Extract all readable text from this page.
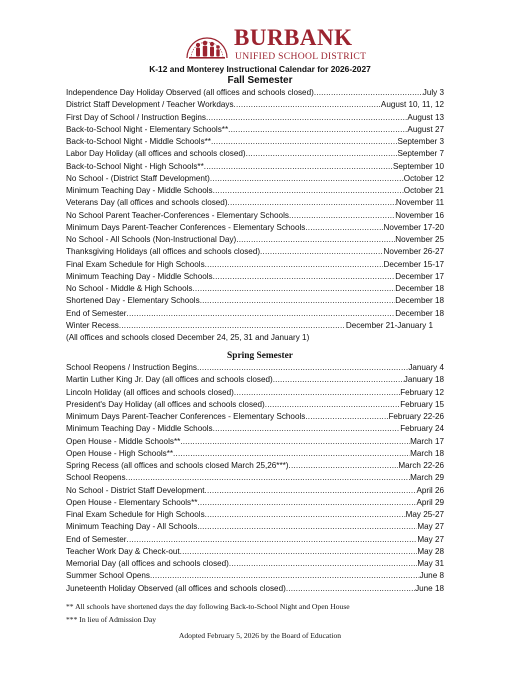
BURBANK
UNIFIED SCHOOL DISTRICT
K-12 and Monterey Instructional Calendar for 2026-2027
Fall Semester
Independence Day Holiday Observed (all offices and schools closed) .....	July 3
District Staff Development / Teacher Workdays .....	August 10, 11, 12
First Day of School / Instruction Begins .....	August 13
Back-to-School Night - Elementary Schools** .....	August 27
Back-to-School Night - Middle Schools** .....	September 3
Labor Day Holiday (all offices and schools closed) .....	September 7
Back-to-School Night - High Schools** .....	September 10
No School - (District Staff Development) .....	October 12
Minimum Teaching Day - Middle Schools .....	October 21
Veterans Day (all offices and schools closed) .....	November 11
No School Parent Teacher-Conferences - Elementary Schools .....	November 16
Minimum Days Parent-Teacher Conferences - Elementary Schools .....	November 17-20
No School - All Schools (Non-Instructional Day) .....	November 25
Thanksgiving Holidays (all offices and schools closed) .....	November 26-27
Final Exam Schedule for High Schools .....	December 15-17
Minimum Teaching Day - Middle Schools .....	December 17
No School - Middle & High Schools .....	December 18
Shortened Day - Elementary Schools .....	December 18
End of Semester .....	December 18
Winter Recess .....	December 21-January 1
(All offices and schools closed December 24, 25, 31 and January 1)
Spring Semester
School Reopens / Instruction Begins .....	January 4
Martin Luther King Jr. Day (all offices and schools closed) .....	January 18
Lincoln Holiday (all offices and schools closed) .....	February 12
President's Day Holiday (all offices and schools closed) .....	February 15
Minimum Days Parent-Teacher Conferences - Elementary Schools .....	February 22-26
Minimum Teaching Day - Middle Schools .....	February 24
Open House - Middle Schools** .....	March 17
Open House - High Schools** .....	March 18
Spring Recess (all offices and schools closed March 25,26***) .....	March 22-26
School Reopens .....	March 29
No School - District Staff Development .....	April 26
Open House - Elementary Schools** .....	April 29
Final Exam Schedule for High Schools .....	May 25-27
Minimum Teaching Day - All Schools .....	May 27
End of Semester .....	May 27
Teacher Work Day & Check-out .....	May 28
Memorial Day (all offices and schools closed) .....	May 31
Summer School Opens .....	June 8
Juneteenth Holiday Observed (all offices and schools closed) .....	June 18
** All schools have shortened days the day following Back-to-School Night and Open House
*** In lieu of Admission Day
Adopted February 5, 2026 by the Board of Education
